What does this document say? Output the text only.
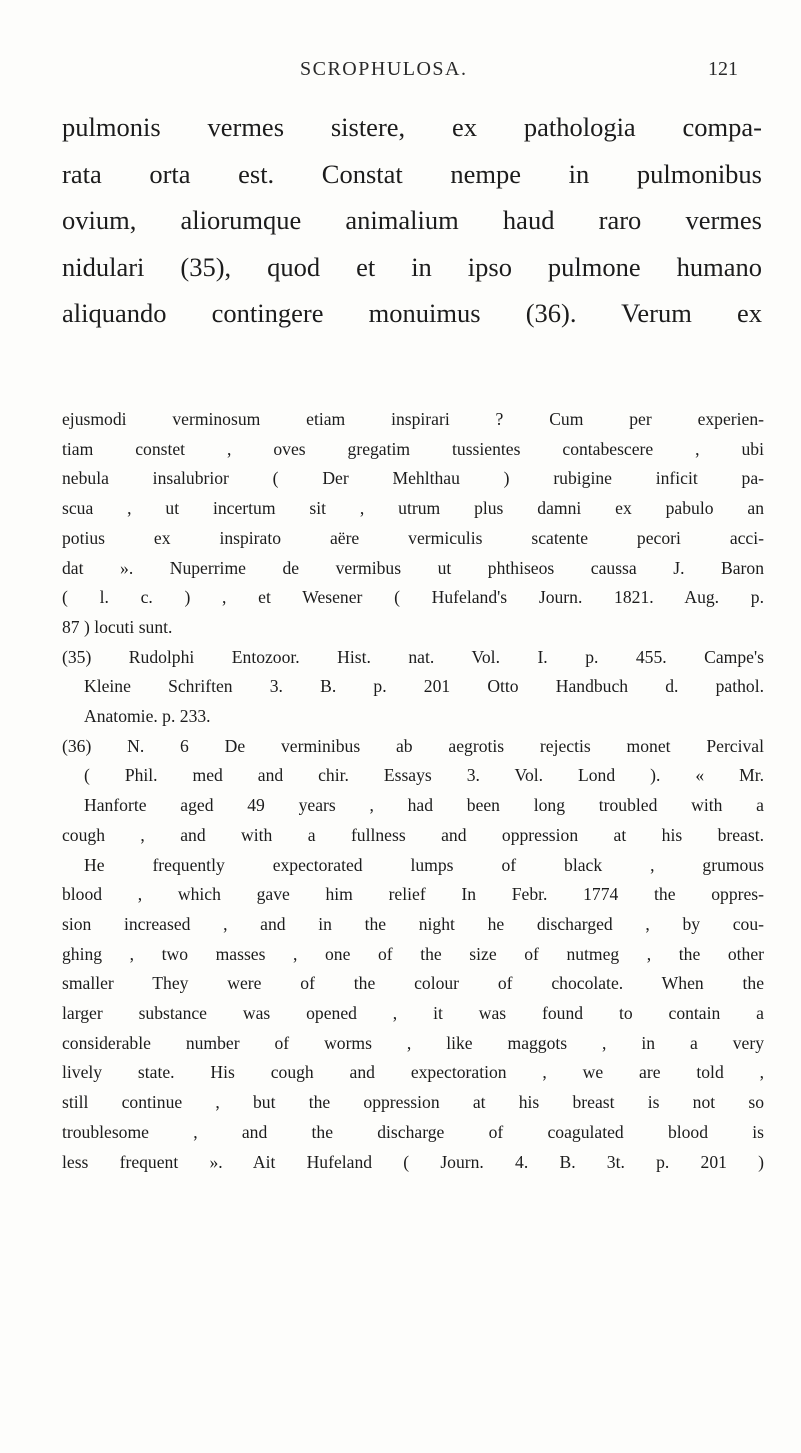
SCROPHULOSA.	121
pulmonis vermes sistere, ex pathologia compa-
rata orta est. Constat nempe in pulmonibus
ovium, aliorumque animalium haud raro vermes
nidulari (35), quod et in ipso pulmone humano
aliquando contingere monuimus (36). Verum ex
ejusmodi verminosum etiam inspirari ? Cum per experien-
tiam constet , oves gregatim tussientes contabescere , ubi
nebula insalubrior ( Der Mehlthau ) rubigine inficit pa-
scua , ut incertum sit , utrum plus damni ex pabulo an
potius ex inspirato aëre vermiculis scatente pecori acci-
dat ». Nuperrime de vermibus ut phthiseos caussa J. Baron
( l. c. ) , et Wesener ( Hufeland's Journ. 1821. Aug. p.
87 ) locuti sunt.
(35) Rudolphi Entozoor. Hist. nat. Vol. I. p. 455. Campe's
Kleine Schriften 3. B. p. 201 Otto Handbuch d. pathol.
Anatomie. p. 233.
(36) N. 6 De verminibus ab aegrotis rejectis monet Percival
( Phil. med and chir. Essays 3. Vol. Lond ). « Mr.
Hanforte aged 49 years , had been long troubled with a
cough , and with a fullness and oppression at his breast.
He frequently expectorated lumps of black , grumous
blood , which gave him relief In Febr. 1774 the oppres-
sion increased , and in the night he discharged , by cou-
ghing , two masses , one of the size of nutmeg , the other
smaller They were of the colour of chocolate. When the
larger substance was opened , it was found to contain a
considerable number of worms , like maggots , in a very
lively state. His cough and expectoration , we are told ,
still continue , but the oppression at his breast is not so
troublesome , and the discharge of coagulated blood is
less frequent ». Ait Hufeland ( Journ. 4. B. 3t. p. 201 )
